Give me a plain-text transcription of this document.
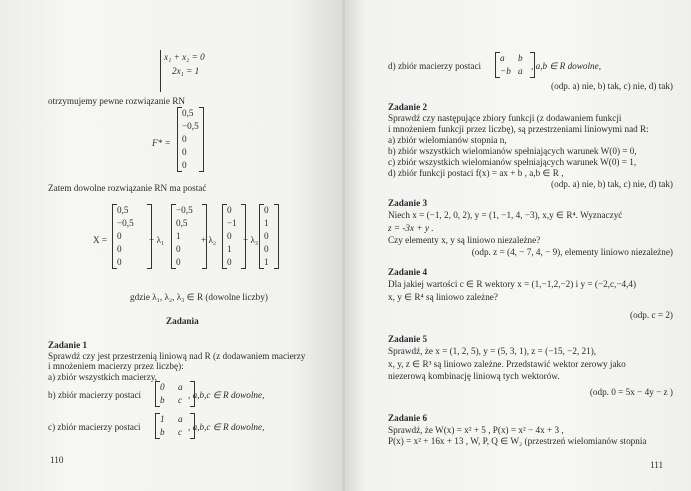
x₁ + x₂ = 0
2x₁ = 1
otrzymujemy pewne rozwiązanie RN
F* =
0,5
−0,5
0
0
0
Zatem dowolne rozwiązanie RN ma postać
X =
0,5
−0,5
0
0
0
+ λ₁
−0,5
0,5
1
0
0
+ λ₂
0
−1
0
1
0
+ λ₃
0
1
0
0
1
gdzie λ₁, λ₂, λ₃ ∈ R (dowolne liczby)
Zadania
Zadanie 1
Sprawdź czy jest przestrzenią liniową nad R (z dodawaniem macierzy
i mnożeniem macierzy przez liczbę):
a) zbiór wszystkich macierzy,
b) zbiór macierzy postaci
0
b
a
c , a,b,c ∈ R dowolne,
c) zbiór macierzy postaci
1
b
a
c , a,b,c ∈ R dowolne,
110
d) zbiór macierzy postaci
a
−b
b
a , a,b ∈ R dowolne,
(odp. a) nie, b) tak, c) nie, d) tak)
Zadanie 2
Sprawdź czy następujące zbiory funkcji (z dodawaniem funkcji
i mnożeniem funkcji przez liczbę), są przestrzeniami liniowymi nad R:
a) zbiór wielomianów stopnia n,
b) zbiór wszystkich wielomianów spełniających warunek W(0) = 0,
c) zbiór wszystkich wielomianów spełniających warunek W(0) = 1,
d) zbiór funkcji postaci f(x) = ax + b , a,b ∈ R ,
(odp. a) nie, b) tak, c) nie, d) tak)
Zadanie 3
Niech x = (−1, 2, 0, 2), y = (1, −1, 4, −3), x,y ∈ R⁴. Wyznaczyć
z = -3x + y .
Czy elementy x, y są liniowo niezależne?
(odp. z = (4, − 7, 4, − 9), elementy liniowo niezależne)
Zadanie 4
Dla jakiej wartości c ∈ R wektory x = (1,−1,2,−2) i y = (−2,c,−4,4)
x, y ∈ R⁴ są liniowo zależne?
(odp. c = 2)
Zadanie 5
Sprawdź, że x = (1, 2, 5), y = (5, 3, 1), z = (−15, −2, 21),
x, y, z ∈ R³ są liniowo zależne. Przedstawić wektor zerowy jako
niezerową kombinację liniową tych wektorów.
(odp. 0 = 5x − 4y − z )
Zadanie 6
Sprawdź, że W(x) = x² + 5 , P(x) = x² − 4x + 3 ,
P(x) = x² + 16x + 13 , W, P, Q ∈ W₂ (przestrzeń wielomianów stopnia
111
